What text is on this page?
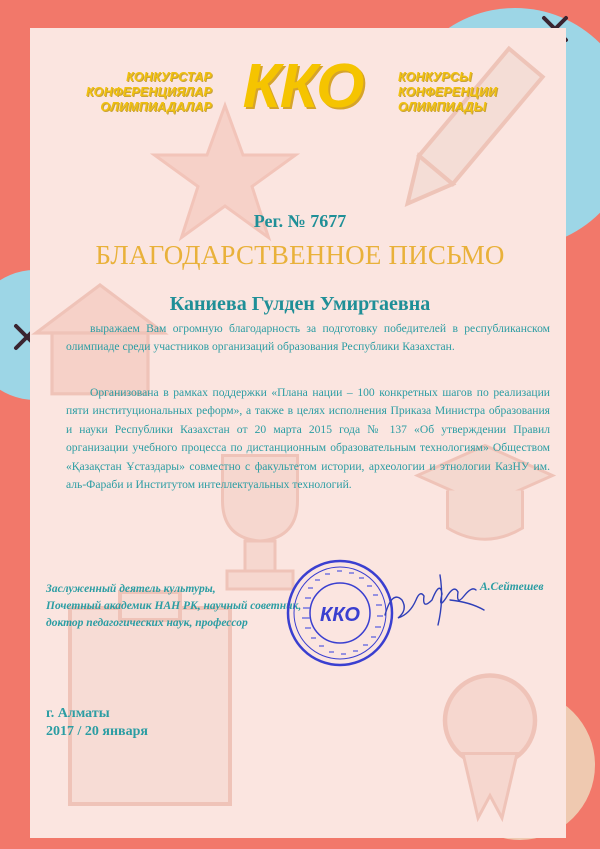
КОНКУРСТАР
КОНФЕРЕНЦИЯЛАР
ОЛИМПИАДАЛАР ККО	КОНКУРСЫ
КОНФЕРЕНЦИИ
ОЛИМПИАДЫ
Рег. № 7677
БЛАГОДАРСТВЕННОЕ ПИСЬМО
Каниева Гулден Умиртаевна

выражаем Вам огромную благодарность за подготовку победителей в республиканском олимпиаде среди участников организаций образования Республики Казахстан.

Организована в рамках поддержки «Плана нации – 100 конкретных шагов по реализации пяти институциональных реформ», а также в целях исполнения Приказа Министра образования и науки Республики Казахстан от 20 марта 2015 года № 137 «Об утверждении Правил организации учебного процесса по дистанционным образовательным технологиям» Обществом «Қазақстан Ұстаздары» совместно с факультетом истории, археологии и этнологии КазНУ им. аль-Фараби и Институтом интеллектуальных технологий.

Заслуженный деятель культуры,
Почетный академик НАН РК, научный советник,
доктор педагогических наук, профессор
А.Сейтешев
ККО
г. Алматы
2017 / 20 января
